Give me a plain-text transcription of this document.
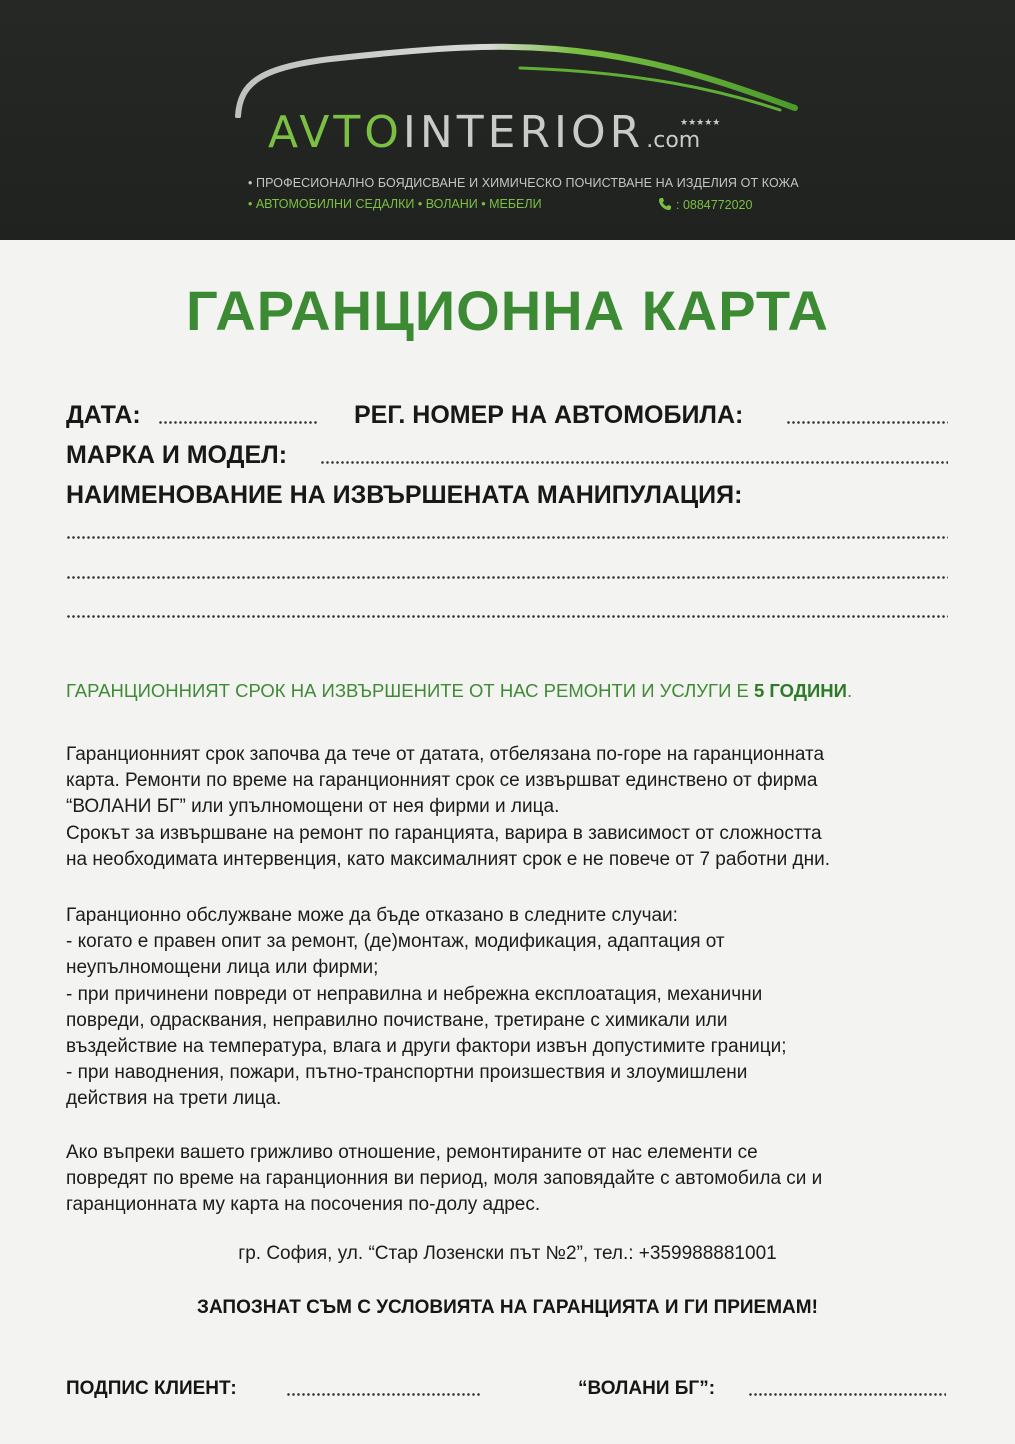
AVTOINTERIOR.com
★★★★★
• ПРОФЕСИОНАЛНО БОЯДИСВАНЕ И ХИМИЧЕСКО ПОЧИСТВАНЕ НА ИЗДЕЛИЯ ОТ КОЖА
• АВТОМОБИЛНИ СЕДАЛКИ • ВОЛАНИ • МЕБЕЛИ	: 0884772020
ГАРАНЦИОННА КАРТА
ДАТА:	РЕГ. НОМЕР НА АВТОМОБИЛА:
МАРКА И МОДЕЛ:
НАИМЕНОВАНИЕ НА ИЗВЪРШЕНАТА МАНИПУЛАЦИЯ:
ГАРАНЦИОННИЯТ СРОК НА ИЗВЪРШЕНИТЕ ОТ НАС РЕМОНТИ И УСЛУГИ Е 5 ГОДИНИ.
Гаранционният срок започва да тече от датата, отбелязана по-горе на гаранционната
карта. Ремонти по време на гаранционният срок се извършват единствено от фирма
“ВОЛАНИ БГ” или упълномощени от нея фирми и лица.
Срокът за извършване на ремонт по гаранцията, варира в зависимост от сложността
на необходимата интервенция, като максималният срок е не повече от 7 работни дни.
Гаранционно обслужване може да бъде отказано в следните случаи:
- когато е правен опит за ремонт, (де)монтаж, модификация, адаптация от
неупълномощени лица или фирми;
- при причинени повреди от неправилна и небрежна експлоатация, механични
повреди, одрасквания, неправилно почистване, третиране с химикали или
въздействие на температура, влага и други фактори извън допустимите граници;
- при наводнения, пожари, пътно-транспортни произшествия и злоумишлени
действия на трети лица.
Ако въпреки вашето грижливо отношение, ремонтираните от нас елементи се
повредят по време на гаранционния ви период, моля заповядайте с автомобила си и
гаранционната му карта на посочения по-долу адрес.
гр. София, ул. “Стар Лозенски път №2”, тел.: +359988881001
ЗАПОЗНАТ СЪМ С УСЛОВИЯТА НА ГАРАНЦИЯТА И ГИ ПРИЕМАМ!
ПОДПИС КЛИЕНТ:	“ВОЛАНИ БГ”:
